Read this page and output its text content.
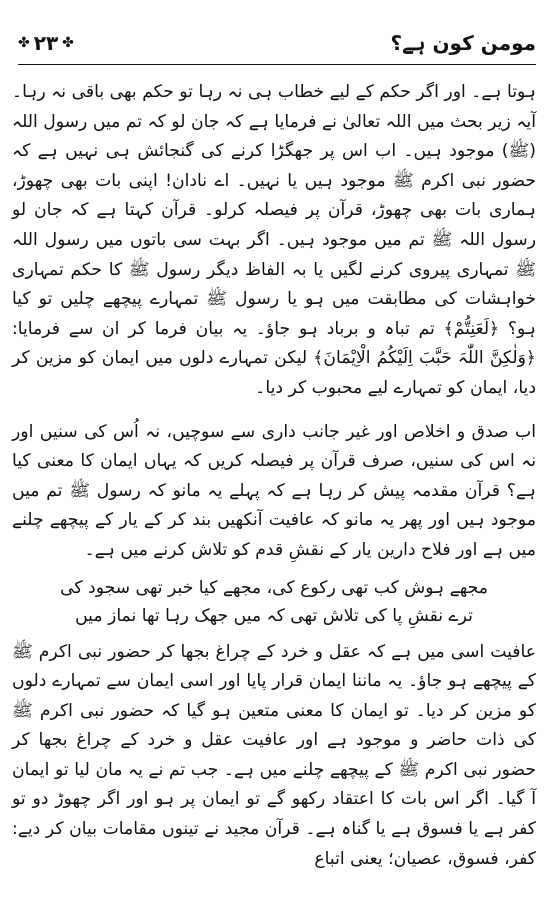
✤ ۲۳ ✤	مومن کون ہے؟

ہوتا ہے۔ اور اگر حکم کے لیے خطاب ہی نہ رہا تو حکم بھی باقی نہ رہا۔ آیہ زیر بحث میں اللہ تعالیٰ نے فرمایا ہے کہ جان لو کہ تم میں رسول اللہ (ﷺ) موجود ہیں۔ اب اس پر جھگڑا کرنے کی گنجائش ہی نہیں ہے کہ حضور نبی اکرم ﷺ موجود ہیں یا نہیں۔ اے نادان! اپنی بات بھی چھوڑ، ہماری بات بھی چھوڑ، قرآن پر فیصلہ کرلو۔ قرآن کہتا ہے کہ جان لو رسول اللہ ﷺ تم میں موجود ہیں۔ اگر بہت سی باتوں میں رسول اللہ ﷺ تمہاری پیروی کرنے لگیں یا بہ الفاظ دیگر رسول ﷺ کا حکم تمہاری خواہشات کی مطابقت میں ہو یا رسول ﷺ تمہارے پیچھے چلیں تو کیا ہو؟ ﴿لَعَنِتُّمْ﴾ تم تباہ و برباد ہو جاؤ۔ یہ بیان فرما کر ان سے فرمایا: ﴿وَلٰکِنَّ اللّٰہَ حَبَّبَ اِلَیْکُمُ الْاِیْمَانَ﴾ لیکن تمہارے دلوں میں ایمان کو مزین کر دیا، ایمان کو تمہارے لیے محبوب کر دیا۔

اب صدق و اخلاص اور غیر جانب داری سے سوچیں، نہ اُس کی سنیں اور نہ اس کی سنیں، صرف قرآن پر فیصلہ کریں کہ یہاں ایمان کا معنی کیا ہے؟ قرآن مقدمہ پیش کر رہا ہے کہ پہلے یہ مانو کہ رسول ﷺ تم میں موجود ہیں اور پھر یہ مانو کہ عافیت آنکھیں بند کر کے یار کے پیچھے چلنے میں ہے اور فلاح دارین یار کے نقشِ قدم کو تلاش کرنے میں ہے۔

مجھے ہوش کب تھی رکوع کی، مجھے کیا خبر تھی سجود کی
ترے نقشِ پا کی تلاش تھی کہ میں جھک رہا تھا نماز میں

عافیت اسی میں ہے کہ عقل و خرد کے چراغ بجھا کر حضور نبی اکرم ﷺ کے پیچھے ہو جاؤ۔ یہ ماننا ایمان قرار پایا اور اسی ایمان سے تمہارے دلوں کو مزین کر دیا۔ تو ایمان کا معنی متعین ہو گیا کہ حضور نبی اکرم ﷺ کی ذات حاضر و موجود ہے اور عافیت عقل و خرد کے چراغ بجھا کر حضور نبی اکرم ﷺ کے پیچھے چلنے میں ہے۔ جب تم نے یہ مان لیا تو ایمان آ گیا۔ اگر اس بات کا اعتقاد رکھو گے تو ایمان پر ہو اور اگر چھوڑ دو تو کفر ہے یا فسوق ہے یا گناہ ہے۔ قرآن مجید نے تینوں مقامات بیان کر دیے: کفر، فسوق، عصیان؛ یعنی اتباع
